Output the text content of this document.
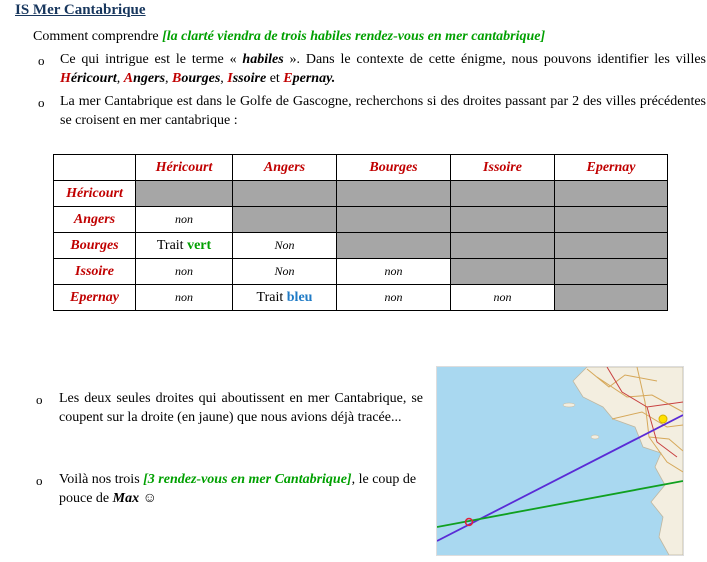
IS Mer Cantabrique
Comment comprendre [la clarté viendra de trois habiles rendez-vous en mer cantabrique]
o Ce qui intrigue est le terme « habiles ». Dans le contexte de cette énigme, nous pouvons identifier les villes Héricourt, Angers, Bourges, Issoire et Epernay.
o La mer Cantabrique est dans le Golfe de Gascogne, recherchons si des droites passant par 2 des villes précédentes se croisent en mer cantabrique :
	Héricourt	Angers	Bourges	Issoire	Epernay
Héricourt					
Angers	non				
Bourges	Trait vert	Non			
Issoire	non	Non	non		
Epernay	non	Trait bleu	non	non	
o Les deux seules droites qui aboutissent en mer Cantabrique, se coupent sur la droite (en jaune) que nous avions déjà tracée...
o Voilà nos trois [3 rendez-vous en mer Cantabrique], le coup de pouce de Max ☺
